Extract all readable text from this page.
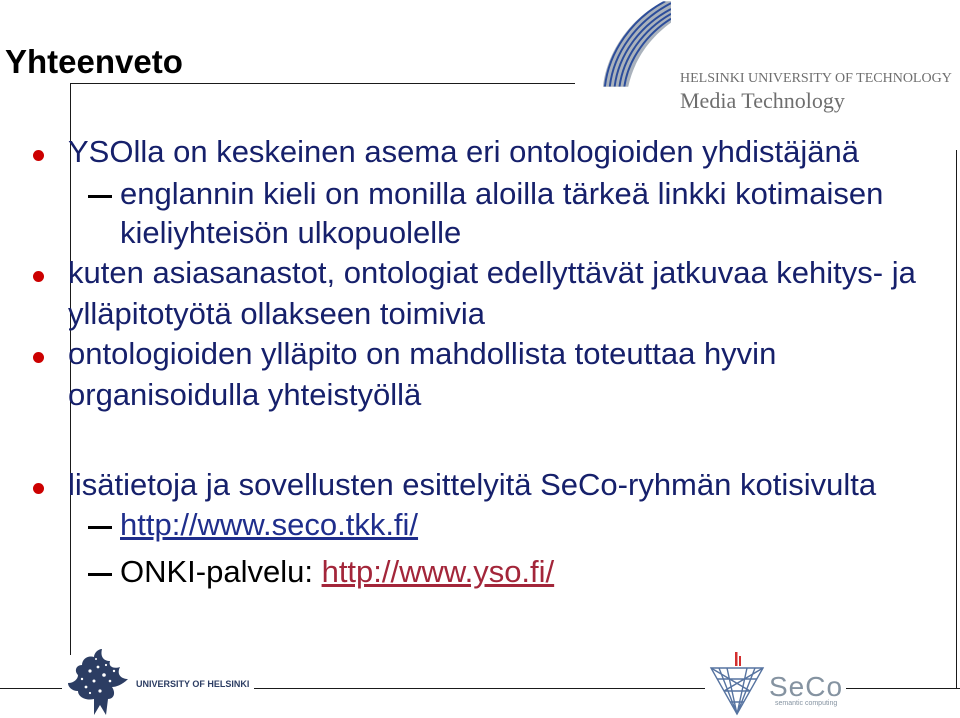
Yhteenveto	HELSINKI UNIVERSITY OF TECHNOLOGY
Media Technology
YSOlla on keskeinen asema eri ontologioiden yhdistäjänä
englannin kieli on monilla aloilla tärkeä linkki kotimaisen
kieliyhteisön ulkopuolelle
kuten asiasanastot, ontologiat edellyttävät jatkuvaa kehitys- ja
ylläpitotyötä ollakseen toimivia
ontologioiden ylläpito on mahdollista toteuttaa hyvin
organisoidulla yhteistyöllä
lisätietoja ja sovellusten esittelyitä SeCo-ryhmän kotisivulta
http://www.seco.tkk.fi/
ONKI-palvelu: http://www.yso.fi/
UNIVERSITY OF HELSINKI	SeCo
semantic computing
